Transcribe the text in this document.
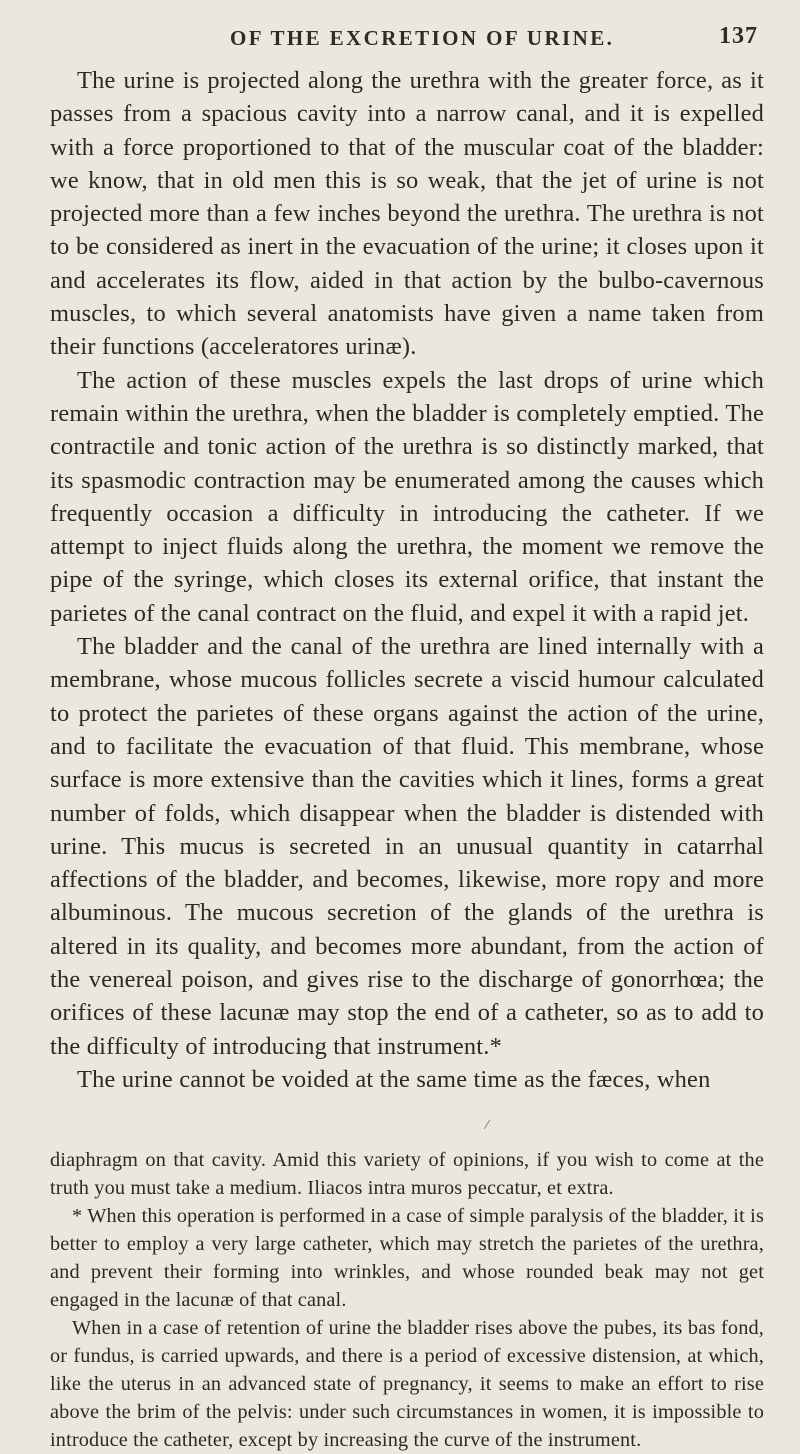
OF THE EXCRETION OF URINE.	137

The urine is projected along the urethra with the greater force, as it passes from a spacious cavity into a narrow canal, and it is expelled with a force proportioned to that of the muscular coat of the bladder: we know, that in old men this is so weak, that the jet of urine is not projected more than a few inches beyond the urethra. The urethra is not to be considered as inert in the evacuation of the urine; it closes upon it and accelerates its flow, aided in that action by the bulbo-cavernous muscles, to which several anatomists have given a name taken from their functions (acceleratores urinæ).

The action of these muscles expels the last drops of urine which remain within the urethra, when the bladder is completely emptied. The contractile and tonic action of the urethra is so distinctly marked, that its spasmodic contraction may be enumerated among the causes which frequently occasion a difficulty in introducing the catheter. If we attempt to inject fluids along the urethra, the moment we remove the pipe of the syringe, which closes its external orifice, that instant the parietes of the canal contract on the fluid, and expel it with a rapid jet.

The bladder and the canal of the urethra are lined internally with a membrane, whose mucous follicles secrete a viscid humour calculated to protect the parietes of these organs against the action of the urine, and to facilitate the evacuation of that fluid. This membrane, whose surface is more extensive than the cavities which it lines, forms a great number of folds, which disappear when the bladder is distended with urine. This mucus is secreted in an unusual quantity in catarrhal affections of the bladder, and becomes, likewise, more ropy and more albuminous. The mucous secretion of the glands of the urethra is altered in its quality, and becomes more abundant, from the action of the venereal poison, and gives rise to the discharge of gonorrhœa; the orifices of these lacunæ may stop the end of a catheter, so as to add to the difficulty of introducing that instrument.*

The urine cannot be voided at the same time as the fæces, when

⁄

diaphragm on that cavity. Amid this variety of opinions, if you wish to come at the truth you must take a medium. Iliacos intra muros peccatur, et extra.

* When this operation is performed in a case of simple paralysis of the bladder, it is better to employ a very large catheter, which may stretch the parietes of the urethra, and prevent their forming into wrinkles, and whose rounded beak may not get engaged in the lacunæ of that canal.

When in a case of retention of urine the bladder rises above the pubes, its bas fond, or fundus, is carried upwards, and there is a period of excessive distension, at which, like the uterus in an advanced state of pregnancy, it seems to make an effort to rise above the brim of the pelvis: under such circumstances in women, it is impossible to introduce the catheter, except by increasing the curve of the instrument.
